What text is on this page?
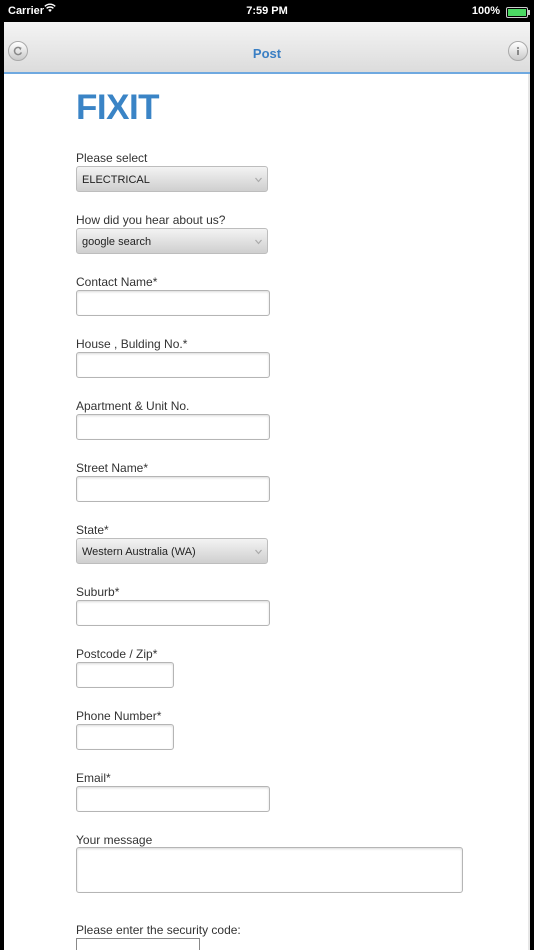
Carrier	7:59 PM	100%
Post
FIXIT
Please select
ELECTRICAL
How did you hear about us?
google search
Contact Name*
House , Bulding No.*
Apartment & Unit No.
Street Name*
State*
Western Australia (WA)
Suburb*
Postcode / Zip*
Phone Number*
Email*
Your message
Please enter the security code:
